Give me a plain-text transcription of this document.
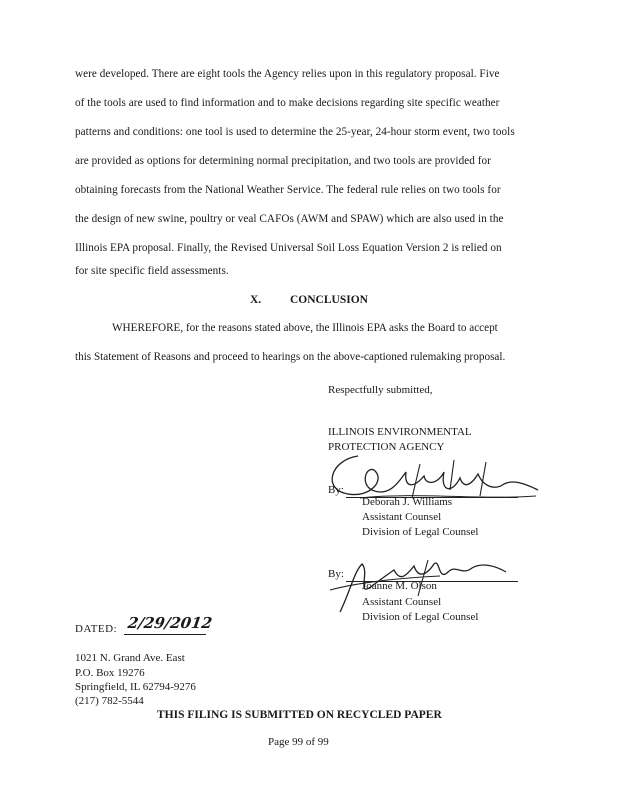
were developed. There are eight tools the Agency relies upon in this regulatory proposal. Five
of the tools are used to find information and to make decisions regarding site specific weather
patterns and conditions: one tool is used to determine the 25-year, 24-hour storm event, two tools
are provided as options for determining normal precipitation, and two tools are provided for
obtaining forecasts from the National Weather Service. The federal rule relies on two tools for
the design of new swine, poultry or veal CAFOs (AWM and SPAW) which are also used in the
Illinois EPA proposal. Finally, the Revised Universal Soil Loss Equation Version 2 is relied on
for site specific field assessments.
X.	CONCLUSION
WHEREFORE, for the reasons stated above, the Illinois EPA asks the Board to accept
this Statement of Reasons and proceed to hearings on the above-captioned rulemaking proposal.
Respectfully submitted,
ILLINOIS ENVIRONMENTAL
PROTECTION AGENCY
By:
Deborah J. Williams
Assistant Counsel
Division of Legal Counsel
By:
Joanne M. Olson
Assistant Counsel
Division of Legal Counsel
DATED: 2/29/2012
1021 N. Grand Ave. East
P.O. Box 19276
Springfield, IL 62794-9276
(217) 782-5544
THIS FILING IS SUBMITTED ON RECYCLED PAPER
Page 99 of 99
